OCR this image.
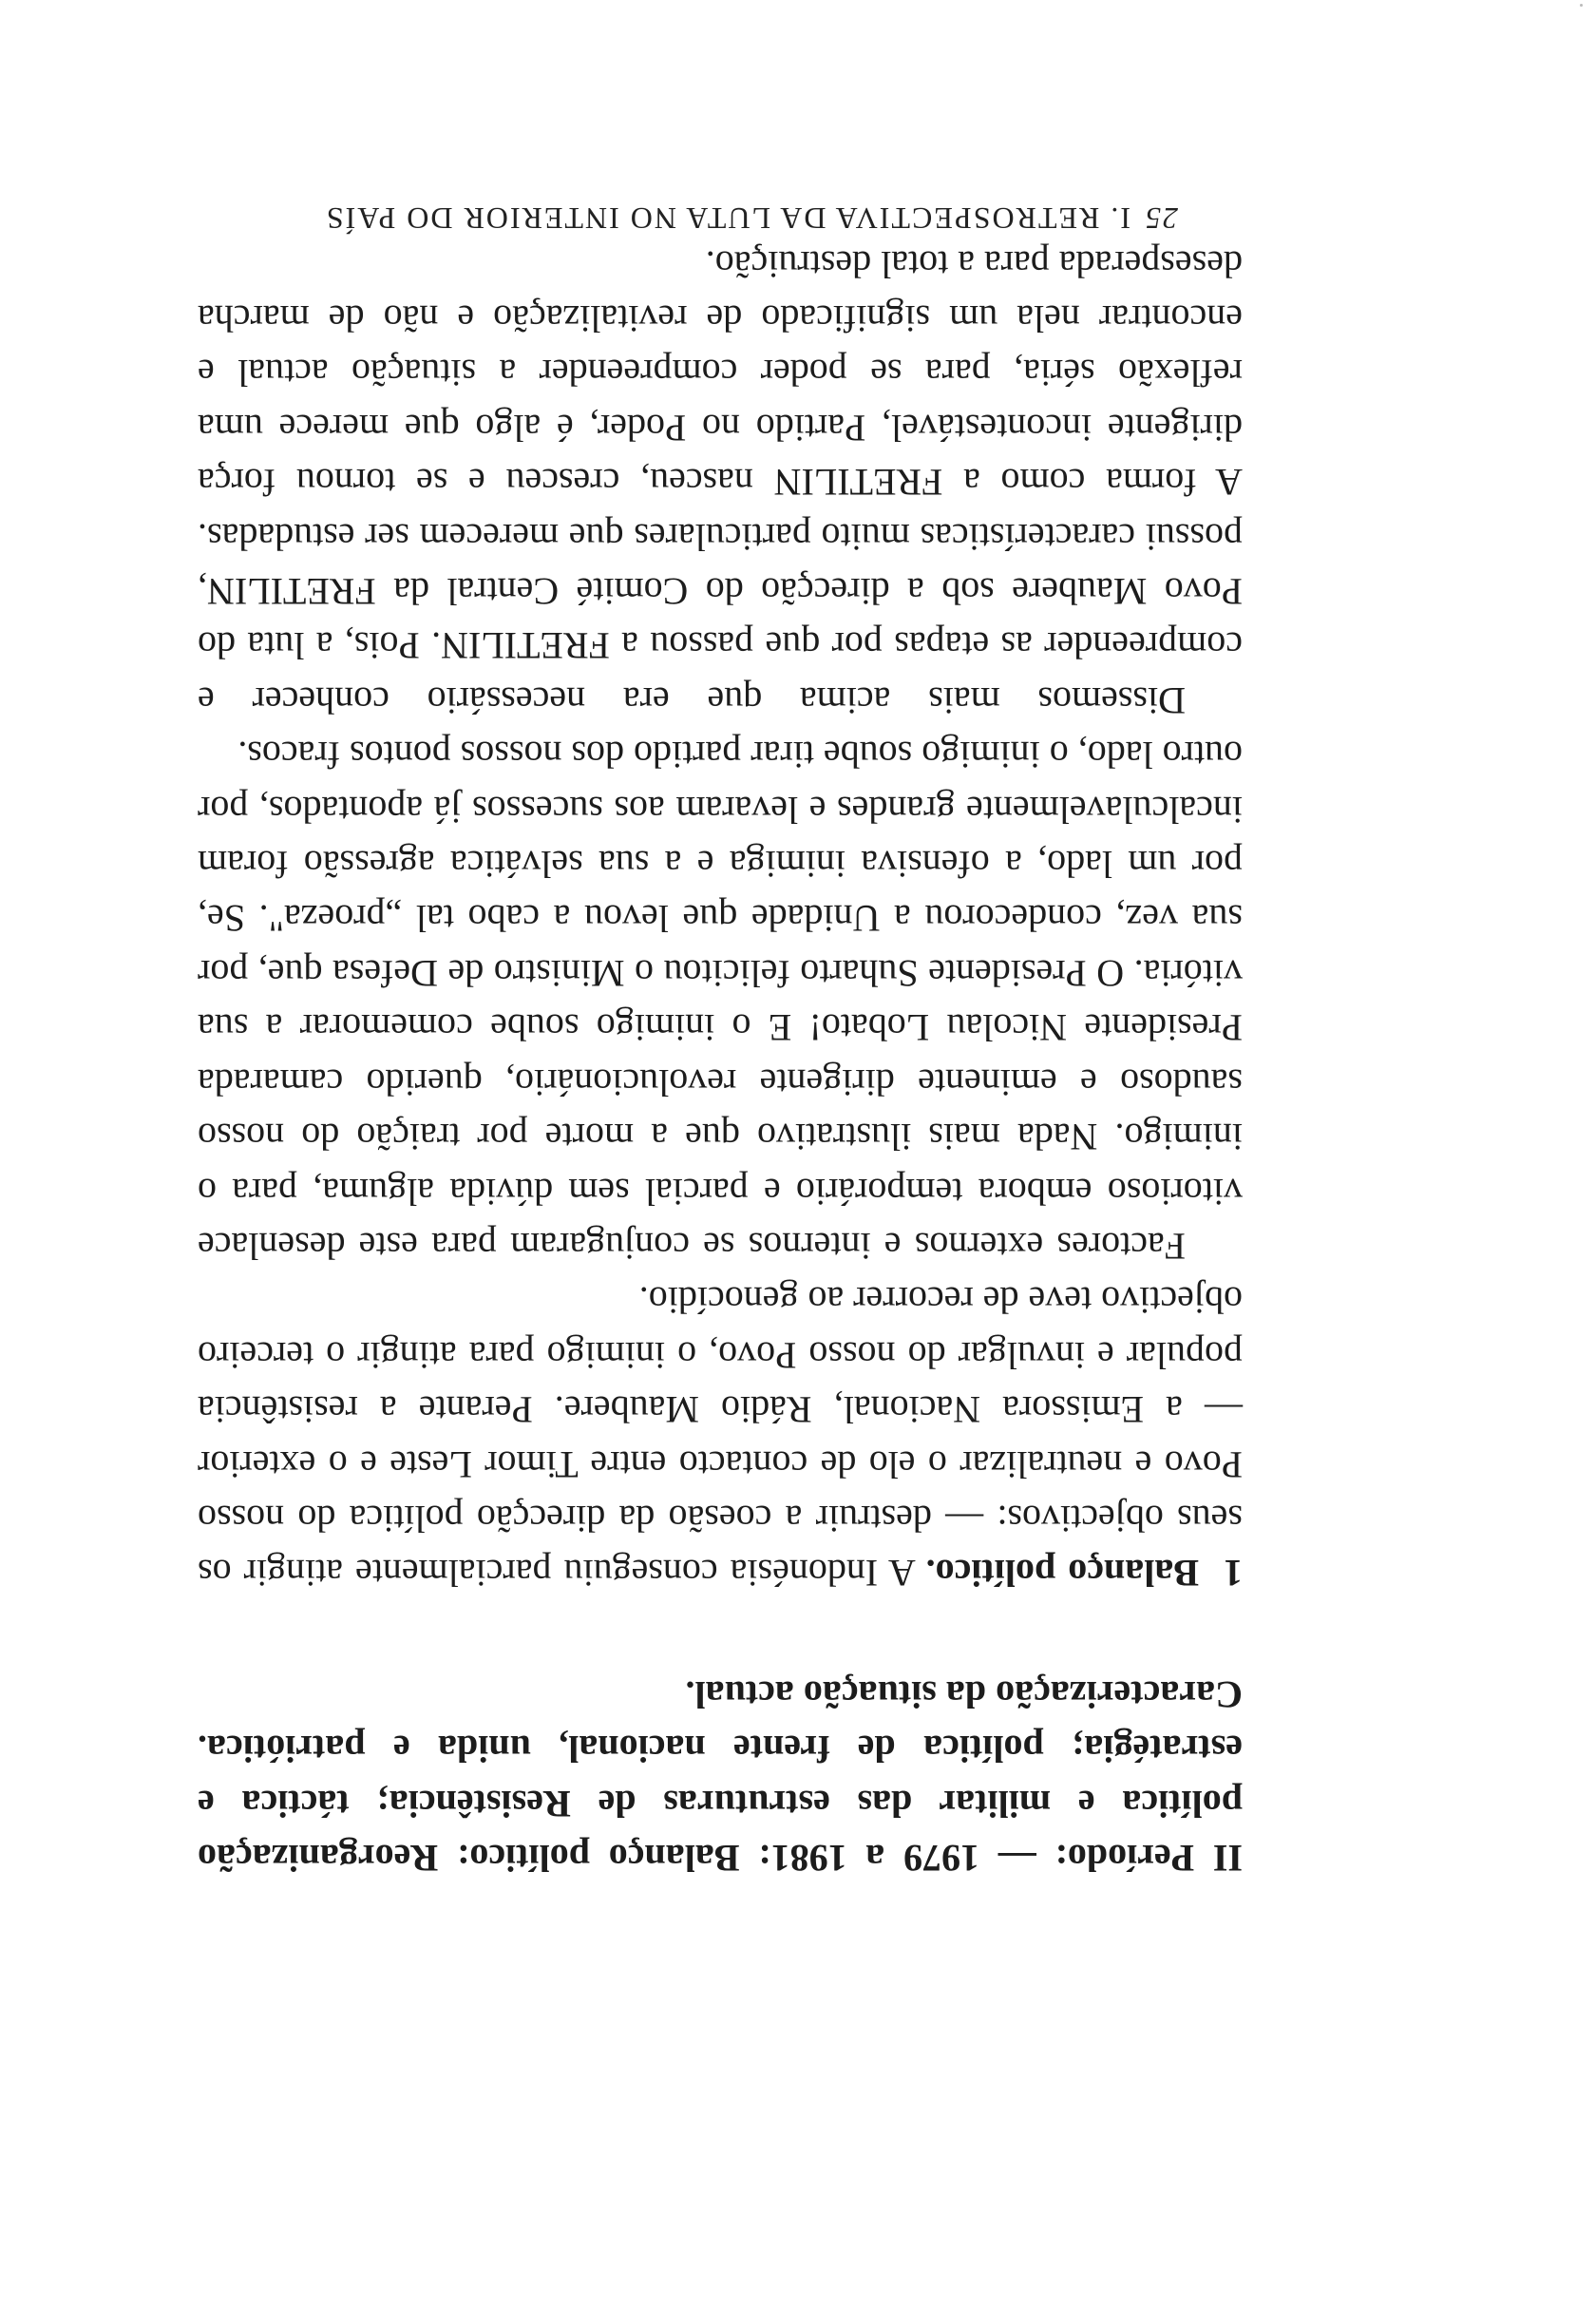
II Período: — 1979 a 1981: Balanço político: Reorganização política e militar das estruturas de Resistência; táctica e estratégia; política de frente nacional, unida e patriótica. Caracterização da situação actual.

1  Balanço político. A Indonésia conseguiu parcialmente atingir os seus objectivos: — destruir a coesão da direcção política do nosso Povo e neutralizar o elo de contacto entre Timor Leste e o exterior — a Emissora Nacional, Rádio Maubere. Perante a resistência popular e invulgar do nosso Povo, o inimigo para atingir o terceiro objectivo teve de recorrer ao genocídio.

Factores externos e internos se conjugaram para este desenlace vitorioso embora temporário e parcial sem dúvida alguma, para o inimigo. Nada mais ilustrativo que a morte por traição do nosso saudoso e eminente dirigente revolucionário, querido camarada Presidente Nicolau Lobato! E o inimigo soube comemorar a sua vitória. O Presidente Suharto felicitou o Ministro de Defesa que, por sua vez, condecorou a Unidade que levou a cabo tal „proeza". Se, por um lado, a ofensiva inimiga e a sua selvática agressão foram incalculavelmente grandes e levaram aos sucessos já apontados, por outro lado, o inimigo soube tirar partido dos nossos pontos fracos.

Dissemos mais acima que era necessário conhecer e compreender as etapas por que passou a FRETILIN. Pois, a luta do Povo Maubere sob a direcção do Comité Central da FRETILIN, possui características muito particulares que merecem ser estudadas. A forma como a FRETILIN nasceu, cresceu e se tornou força dirigente incontestável, Partido no Poder, é algo que merece uma reflexão séria, para se poder compreender a situação actual e encontrar nela um significado de revitalização e não de marcha desesperada para a total destruição.

25I. RETROSPECTIVA DA LUTA NO INTERIOR DO PAÍS
